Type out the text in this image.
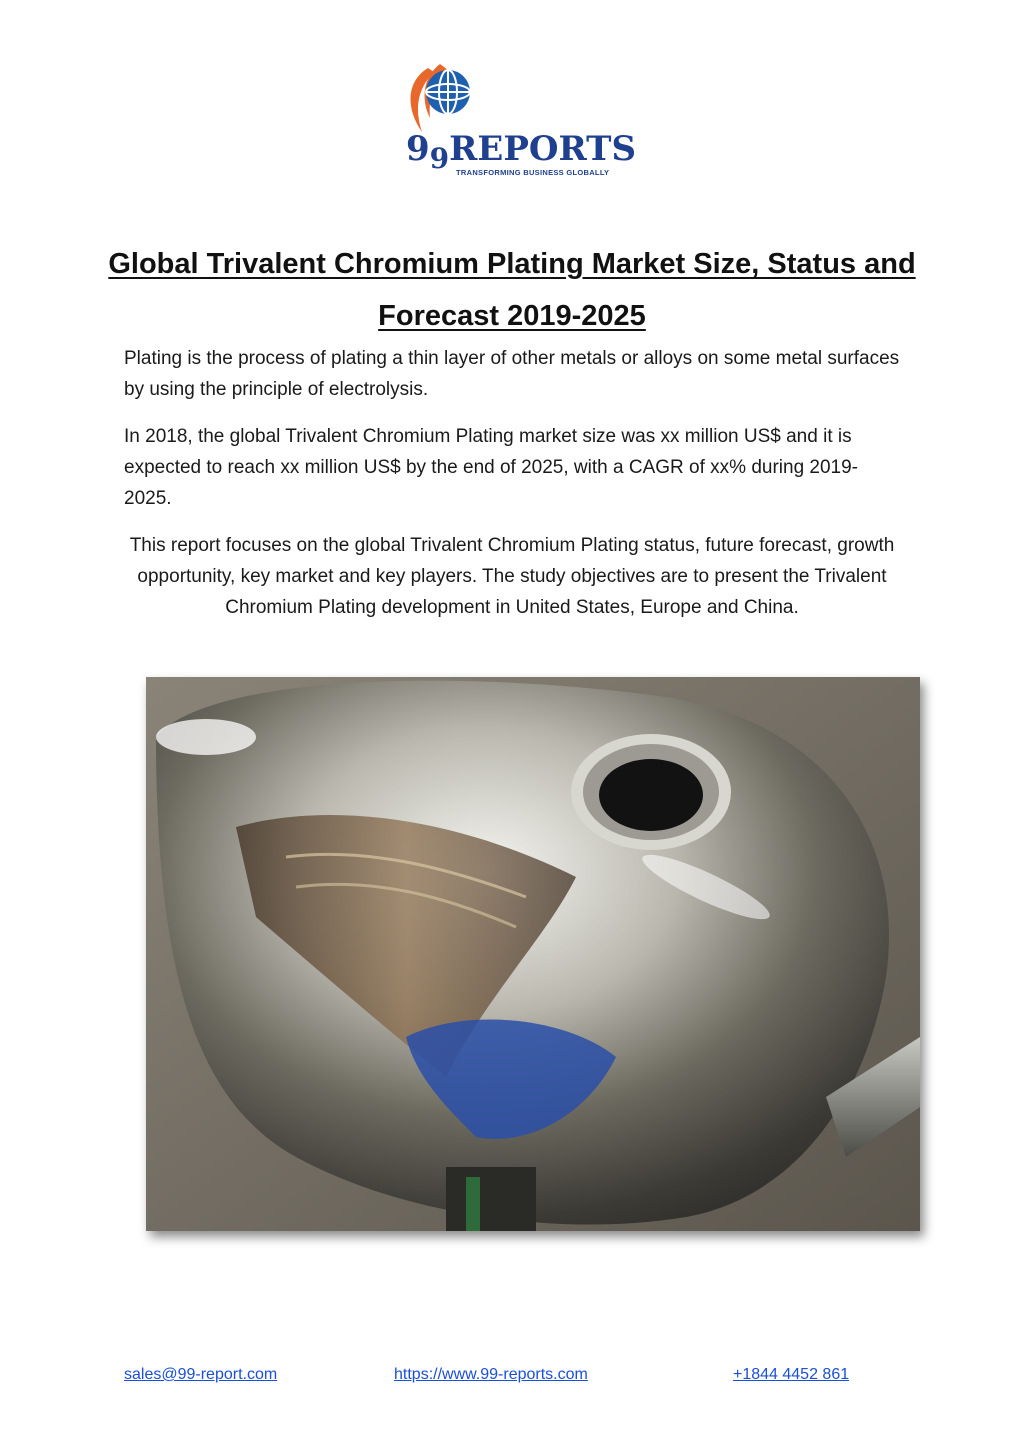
$9_9REPORTS$
TRANSFORMING BUSINESS GLOBALLY
Global Trivalent Chromium Plating Market Size, Status and Forecast 2019-2025

Plating is the process of plating a thin layer of other metals or alloys on some metal surfaces by using the principle of electrolysis.

In 2018, the global Trivalent Chromium Plating market size was xx million US$ and it is expected to reach xx million US$ by the end of 2025, with a CAGR of xx% during 2019-2025.

This report focuses on the global Trivalent Chromium Plating status, future forecast, growth opportunity, key market and key players. The study objectives are to present the Trivalent Chromium Plating development in United States, Europe and China.

sales@99-report.com	https://www.99-reports.com	+1844 4452 861
